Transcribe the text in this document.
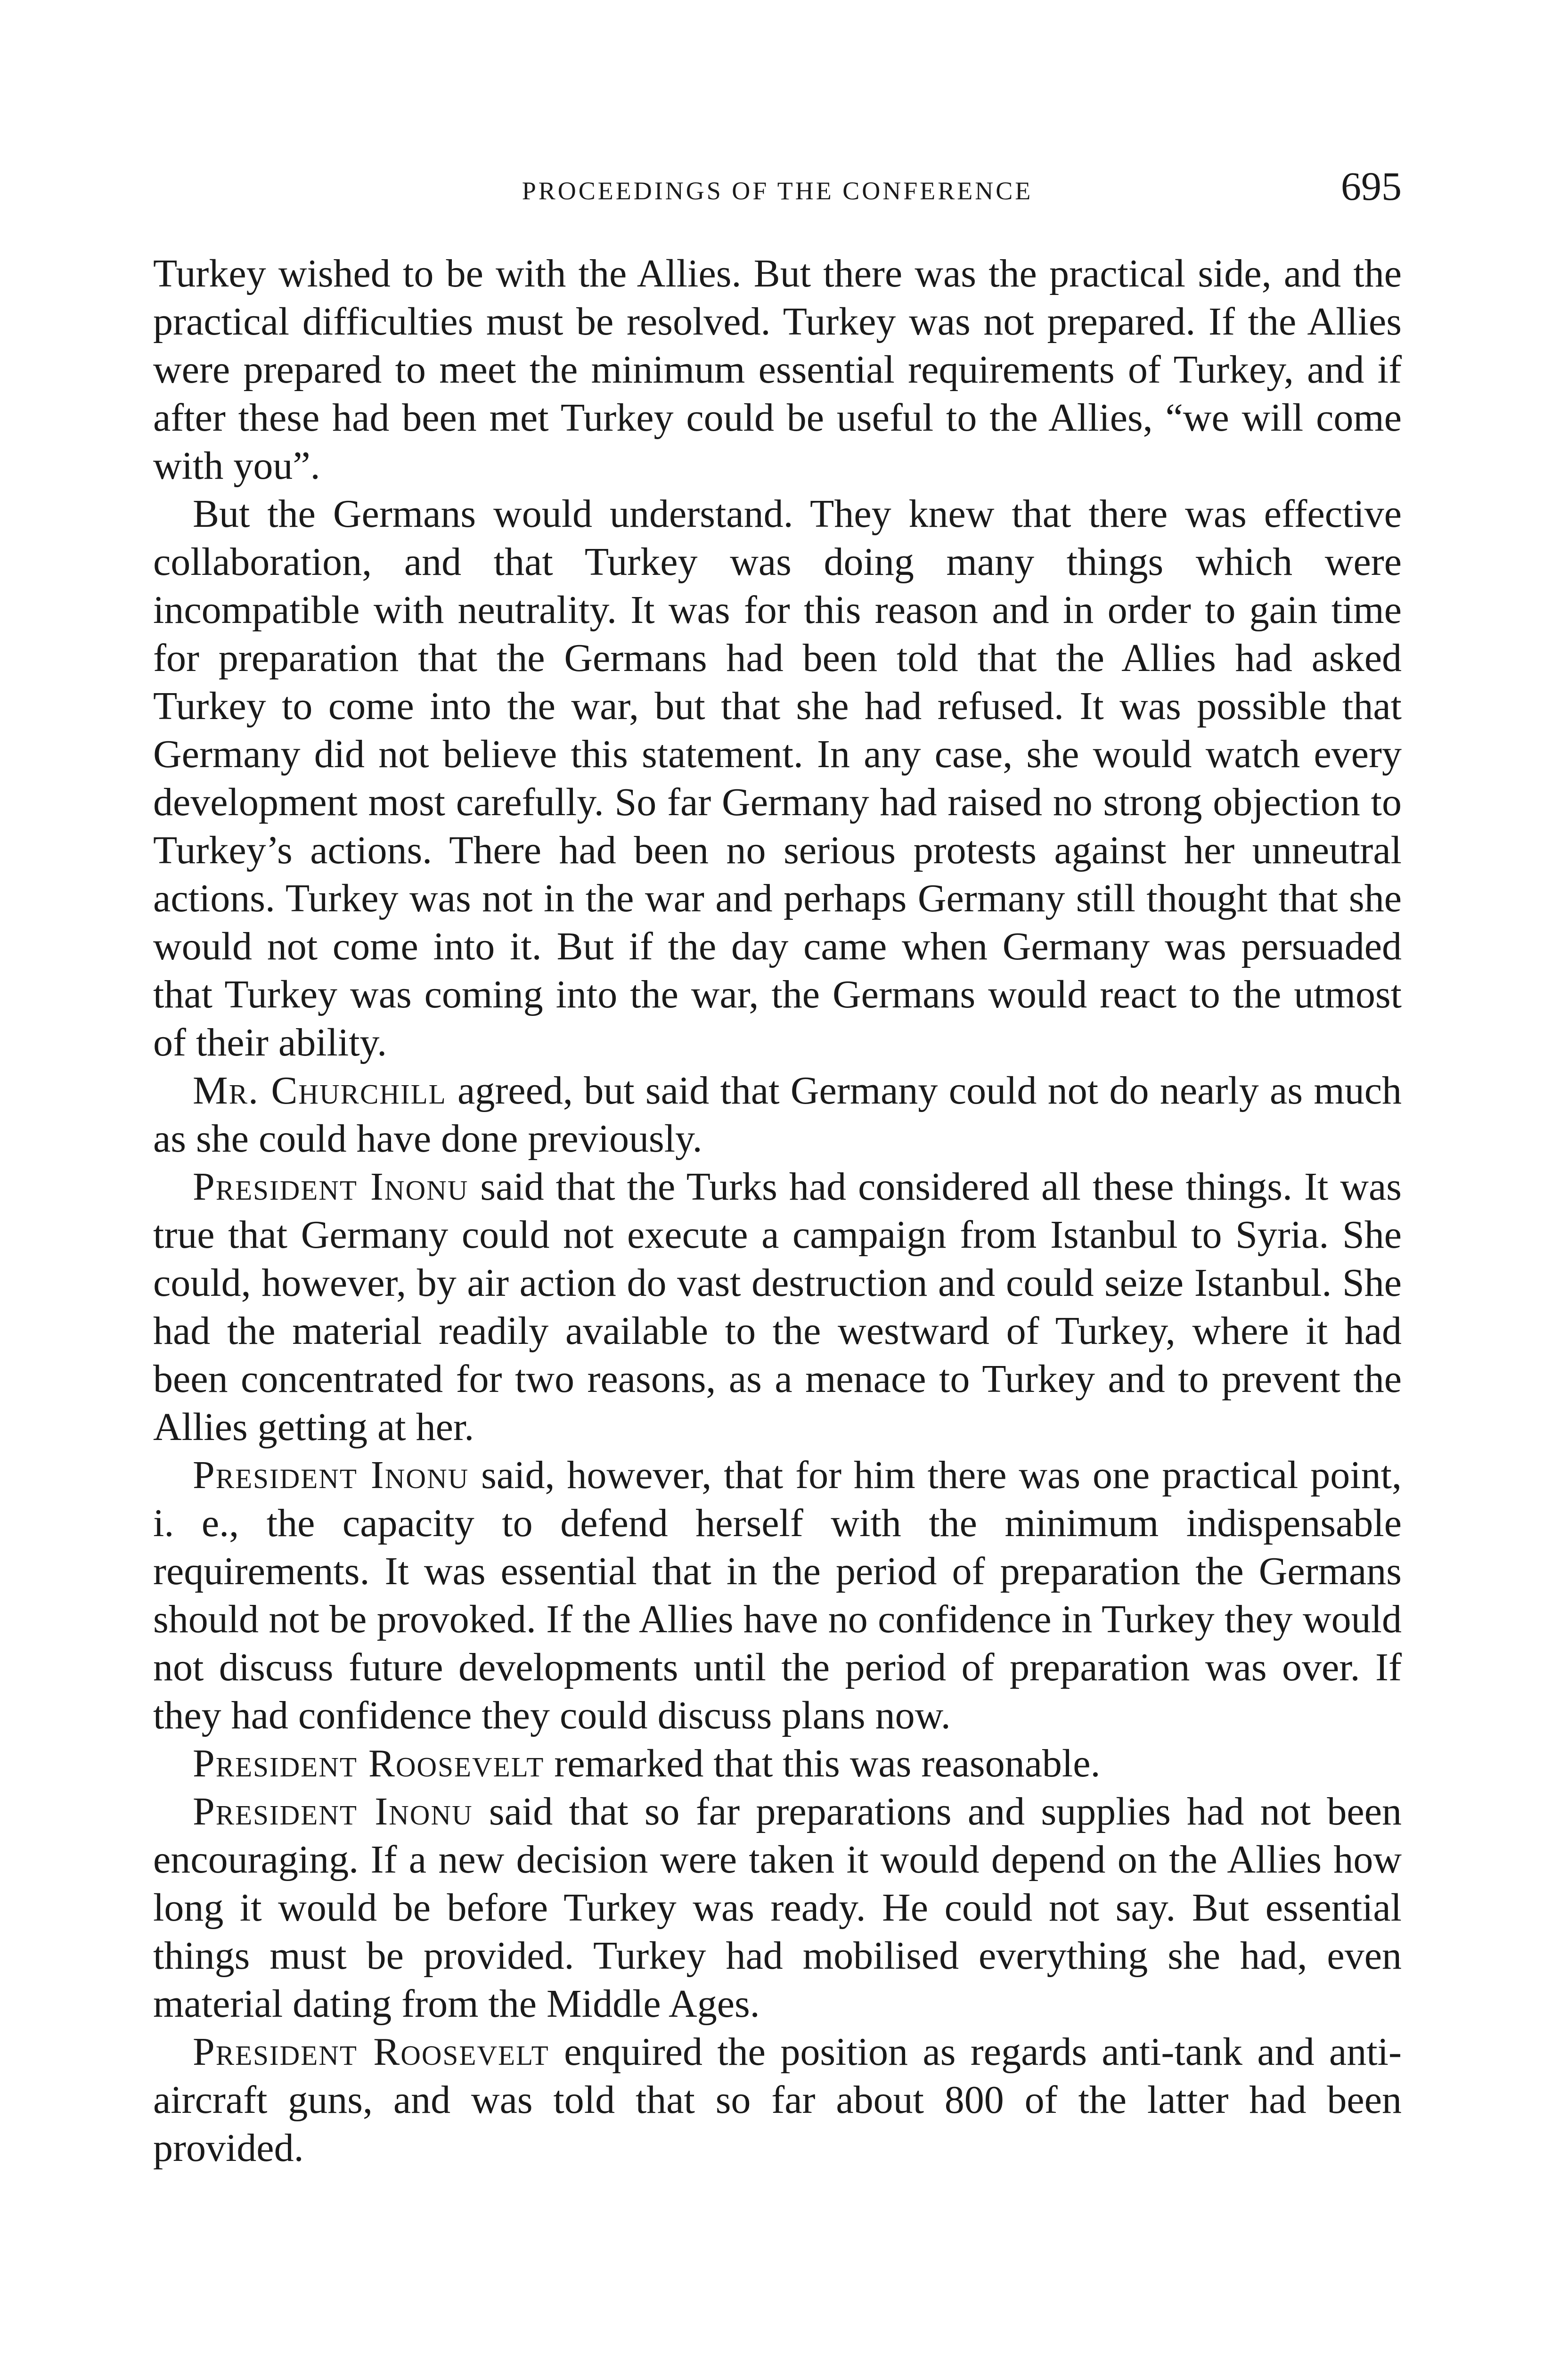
PROCEEDINGS OF THE CONFERENCE	695

Turkey wished to be with the Allies. But there was the practical side, and the practical difficulties must be resolved. Turkey was not prepared. If the Allies were prepared to meet the minimum essential requirements of Turkey, and if after these had been met Turkey could be useful to the Allies, “we will come with you”.

But the Germans would understand. They knew that there was effective collaboration, and that Turkey was doing many things which were incompatible with neutrality. It was for this reason and in order to gain time for preparation that the Germans had been told that the Allies had asked Turkey to come into the war, but that she had refused. It was possible that Germany did not believe this statement. In any case, she would watch every development most carefully. So far Germany had raised no strong objection to Turkey’s actions. There had been no serious protests against her unneutral actions. Turkey was not in the war and perhaps Germany still thought that she would not come into it. But if the day came when Germany was persuaded that Turkey was coming into the war, the Germans would react to the utmost of their ability.

Mr. Churchill agreed, but said that Germany could not do nearly as much as she could have done previously.

President Inonu said that the Turks had considered all these things. It was true that Germany could not execute a campaign from Istanbul to Syria. She could, however, by air action do vast destruction and could seize Istanbul. She had the material readily available to the westward of Turkey, where it had been concentrated for two reasons, as a menace to Turkey and to prevent the Allies getting at her.

President Inonu said, however, that for him there was one practical point, i. e., the capacity to defend herself with the minimum indispensable requirements. It was essential that in the period of preparation the Germans should not be provoked. If the Allies have no confidence in Turkey they would not discuss future developments until the period of preparation was over. If they had confidence they could discuss plans now.

President Roosevelt remarked that this was reasonable.

President Inonu said that so far preparations and supplies had not been encouraging. If a new decision were taken it would depend on the Allies how long it would be before Turkey was ready. He could not say. But essential things must be provided. Turkey had mobilised everything she had, even material dating from the Middle Ages.

President Roosevelt enquired the position as regards anti-tank and anti-aircraft guns, and was told that so far about 800 of the latter had been provided.
